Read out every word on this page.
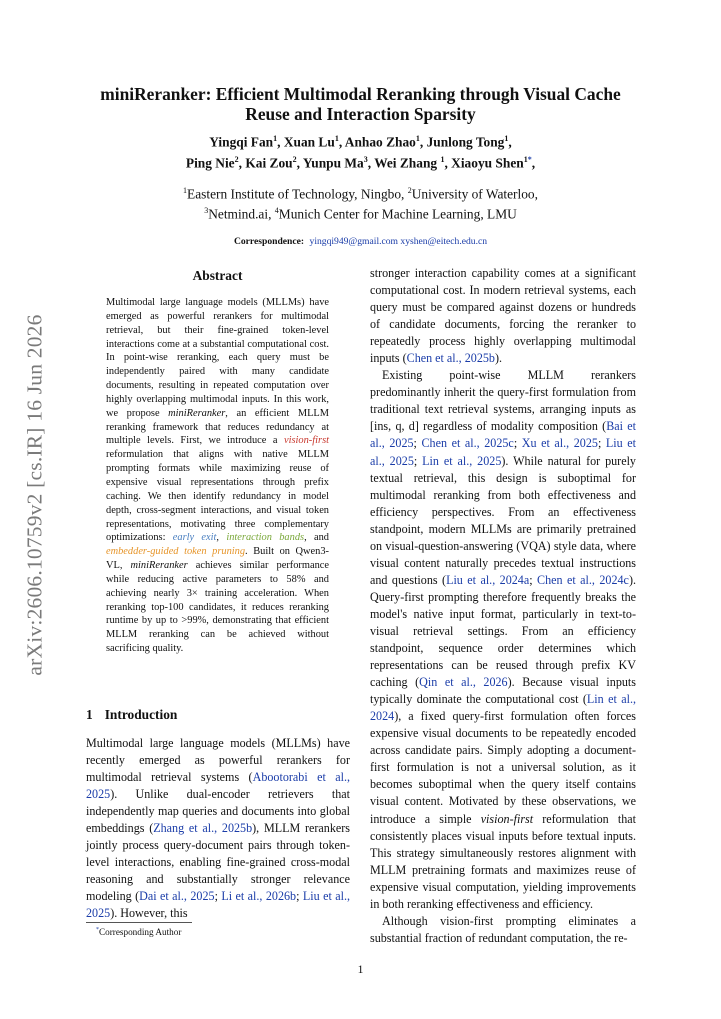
arXiv:2606.10759v2 [cs.IR] 16 Jun 2026
miniReranker: Efficient Multimodal Reranking through Visual Cache Reuse and Interaction Sparsity
Yingqi Fan$^1$, Xuan Lu$^1$, Anhao Zhao$^1$, Junlong Tong$^1$,
Ping Nie$^2$, Kai Zou$^2$, Yunpu Ma$^3$, Wei Zhang $^1$, Xiaoyu Shen$^{1*}$,
$^1$Eastern Institute of Technology, Ningbo, $^2$University of Waterloo,
$^3$Netmind.ai, $^4$Munich Center for Machine Learning, LMU
Correspondence: yingqi949@gmail.com xyshen@eitech.edu.cn
Abstract

Multimodal large language models (MLLMs) have emerged as powerful rerankers for multimodal retrieval, but their fine-grained token-level interactions come at a substantial computational cost. In point-wise reranking, each query must be independently paired with many candidate documents, resulting in repeated computation over highly overlapping multimodal inputs. In this work, we propose miniReranker, an efficient MLLM reranking framework that reduces redundancy at multiple levels. First, we introduce a vision-first reformulation that aligns with native MLLM prompting formats while maximizing reuse of expensive visual representations through prefix caching. We then identify redundancy in model depth, cross-segment interactions, and visual token representations, motivating three complementary optimizations: early exit, interaction bands, and embedder-guided token pruning. Built on Qwen3-VL, miniReranker achieves similar performance while reducing active parameters to 58% and achieving nearly 3× training acceleration. When reranking top-100 candidates, it reduces reranking runtime by up to >99%, demonstrating that efficient MLLM reranking can be achieved without sacrificing quality.

1 Introduction

Multimodal large language models (MLLMs) have recently emerged as powerful rerankers for multimodal retrieval systems (Abootorabi et al., 2025). Unlike dual-encoder retrievers that independently map queries and documents into global embeddings (Zhang et al., 2025b), MLLM rerankers jointly process query-document pairs through token-level interactions, enabling fine-grained cross-modal reasoning and substantially stronger relevance modeling (Dai et al., 2025; Li et al., 2026b; Liu et al., 2025). However, this

stronger interaction capability comes at a significant computational cost. In modern retrieval systems, each query must be compared against dozens or hundreds of candidate documents, forcing the reranker to repeatedly process highly overlapping multimodal inputs (Chen et al., 2025b).

Existing point-wise MLLM rerankers predominantly inherit the query-first formulation from traditional text retrieval systems, arranging inputs as [ins, q, d] regardless of modality composition (Bai et al., 2025; Chen et al., 2025c; Xu et al., 2025; Liu et al., 2025; Lin et al., 2025). While natural for purely textual retrieval, this design is suboptimal for multimodal reranking from both effectiveness and efficiency perspectives. From an effectiveness standpoint, modern MLLMs are primarily pretrained on visual-question-answering (VQA) style data, where visual content naturally precedes textual instructions and questions (Liu et al., 2024a; Chen et al., 2024c). Query-first prompting therefore frequently breaks the model's native input format, particularly in text-to-visual retrieval settings. From an efficiency standpoint, sequence order determines which representations can be reused through prefix KV caching (Qin et al., 2026). Because visual inputs typically dominate the computational cost (Lin et al., 2024), a fixed query-first formulation often forces expensive visual documents to be repeatedly encoded across candidate pairs. Simply adopting a document-first formulation is not a universal solution, as it becomes suboptimal when the query itself contains visual content. Motivated by these observations, we introduce a simple vision-first reformulation that consistently places visual inputs before textual inputs. This strategy simultaneously restores alignment with MLLM pretraining formats and maximizes reuse of expensive visual computation, yielding improvements in both reranking effectiveness and efficiency.

Although vision-first prompting eliminates a substantial fraction of redundant computation, the re-

*Corresponding Author
1
